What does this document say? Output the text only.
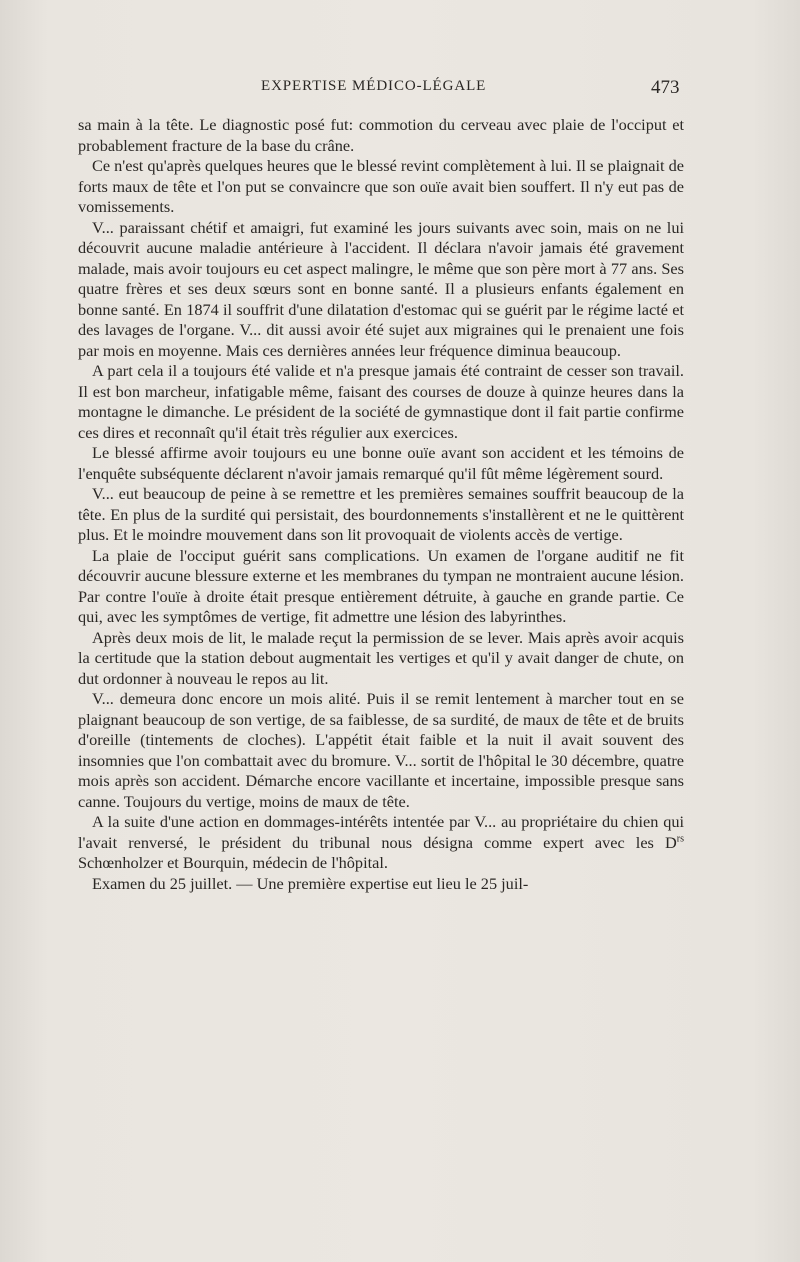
EXPERTISE MÉDICO-LÉGALE	473

sa main à la tête. Le diagnostic posé fut: commotion du cerveau avec plaie de l'occiput et probablement fracture de la base du crâne.

Ce n'est qu'après quelques heures que le blessé revint complètement à lui. Il se plaignait de forts maux de tête et l'on put se convaincre que son ouïe avait bien souffert. Il n'y eut pas de vomissements.

V... paraissant chétif et amaigri, fut examiné les jours suivants avec soin, mais on ne lui découvrit aucune maladie antérieure à l'accident. Il déclara n'avoir jamais été gravement malade, mais avoir toujours eu cet aspect malingre, le même que son père mort à 77 ans. Ses quatre frères et ses deux sœurs sont en bonne santé. Il a plusieurs enfants également en bonne santé. En 1874 il souffrit d'une dilatation d'estomac qui se guérit par le régime lacté et des lavages de l'organe. V... dit aussi avoir été sujet aux migraines qui le prenaient une fois par mois en moyenne. Mais ces dernières années leur fréquence diminua beaucoup.

A part cela il a toujours été valide et n'a presque jamais été contraint de cesser son travail. Il est bon marcheur, infatigable même, faisant des courses de douze à quinze heures dans la montagne le dimanche. Le président de la société de gymnastique dont il fait partie confirme ces dires et reconnaît qu'il était très régulier aux exercices.

Le blessé affirme avoir toujours eu une bonne ouïe avant son accident et les témoins de l'enquête subséquente déclarent n'avoir jamais remarqué qu'il fût même légèrement sourd.

V... eut beaucoup de peine à se remettre et les premières semaines souffrit beaucoup de la tête. En plus de la surdité qui persistait, des bourdonnements s'installèrent et ne le quittèrent plus. Et le moindre mouvement dans son lit provoquait de violents accès de vertige.

La plaie de l'occiput guérit sans complications. Un examen de l'organe auditif ne fit découvrir aucune blessure externe et les membranes du tympan ne montraient aucune lésion. Par contre l'ouïe à droite était presque entièrement détruite, à gauche en grande partie. Ce qui, avec les symptômes de vertige, fit admettre une lésion des labyrinthes.

Après deux mois de lit, le malade reçut la permission de se lever. Mais après avoir acquis la certitude que la station debout augmentait les vertiges et qu'il y avait danger de chute, on dut ordonner à nouveau le repos au lit.

V... demeura donc encore un mois alité. Puis il se remit lentement à marcher tout en se plaignant beaucoup de son vertige, de sa faiblesse, de sa surdité, de maux de tête et de bruits d'oreille (tintements de cloches). L'appétit était faible et la nuit il avait souvent des insomnies que l'on combattait avec du bromure. V... sortit de l'hôpital le 30 décembre, quatre mois après son accident. Démarche encore vacillante et incertaine, impossible presque sans canne. Toujours du vertige, moins de maux de tête.

A la suite d'une action en dommages-intérêts intentée par V... au propriétaire du chien qui l'avait renversé, le président du tribunal nous désigna comme expert avec les $D^{rs}$ Schœnholzer et Bourquin, médecin de l'hôpital.

Examen du 25 juillet. — Une première expertise eut lieu le 25 juil-
